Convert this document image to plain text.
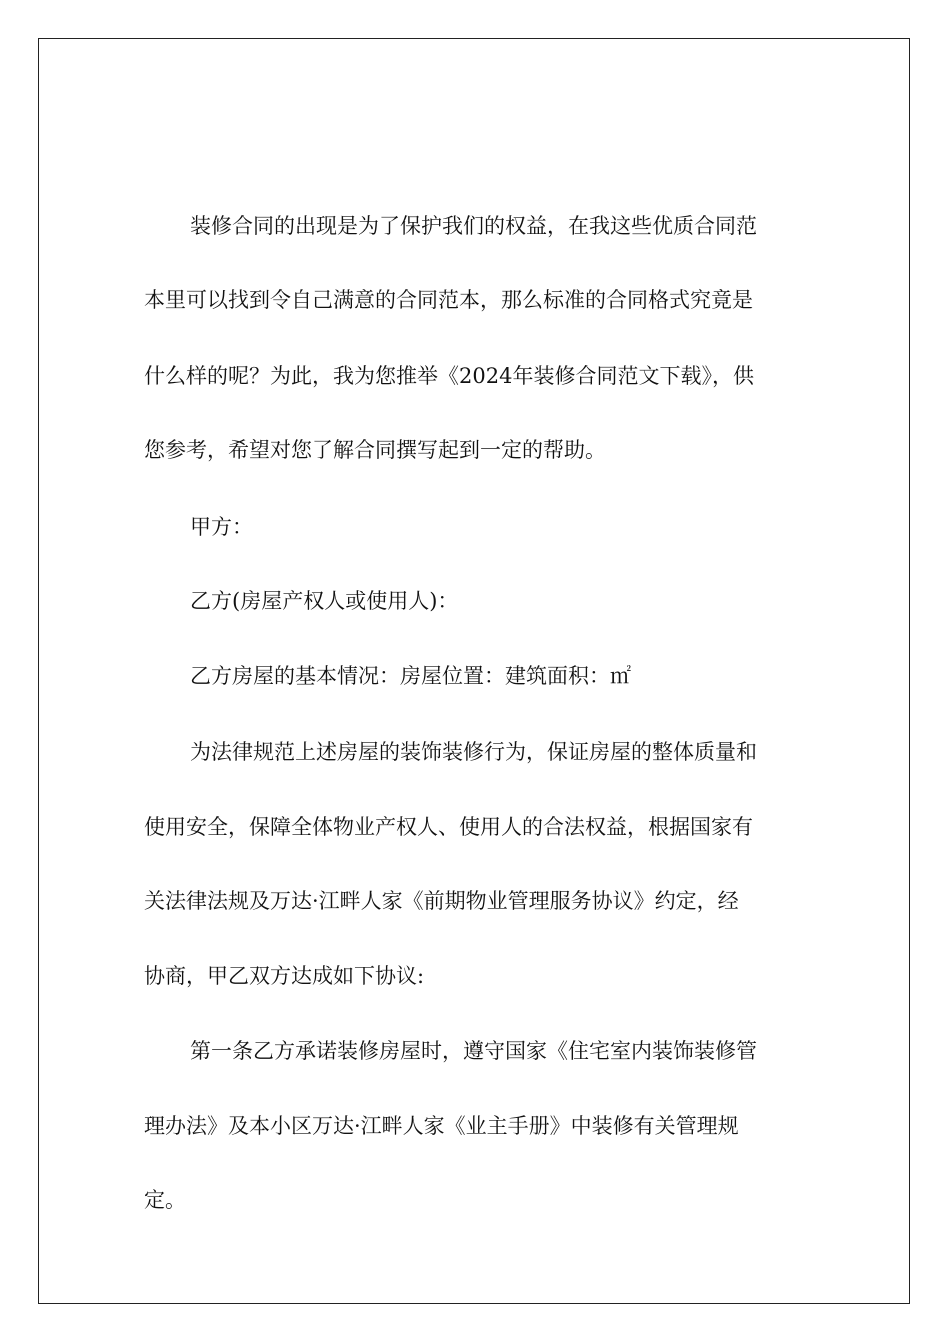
装修合同的出现是为了保护我们的权益，在我这些优质合同范
本里可以找到令自己满意的合同范本，那么标准的合同格式究竟是
什么样的呢？为此，我为您推举《2024年装修合同范文下载》，供
您参考，希望对您了解合同撰写起到一定的帮助。
甲方：
乙方(房屋产权人或使用人)：
乙方房屋的基本情况：房屋位置：建筑面积：㎡
为法律规范上述房屋的装饰装修行为，保证房屋的整体质量和
使用安全，保障全体物业产权人、使用人的合法权益，根据国家有
关法律法规及万达·江畔人家《前期物业管理服务协议》约定，经
协商，甲乙双方达成如下协议:
第一条乙方承诺装修房屋时，遵守国家《住宅室内装饰装修管
理办法》及本小区万达·江畔人家《业主手册》中装修有关管理规
定。
